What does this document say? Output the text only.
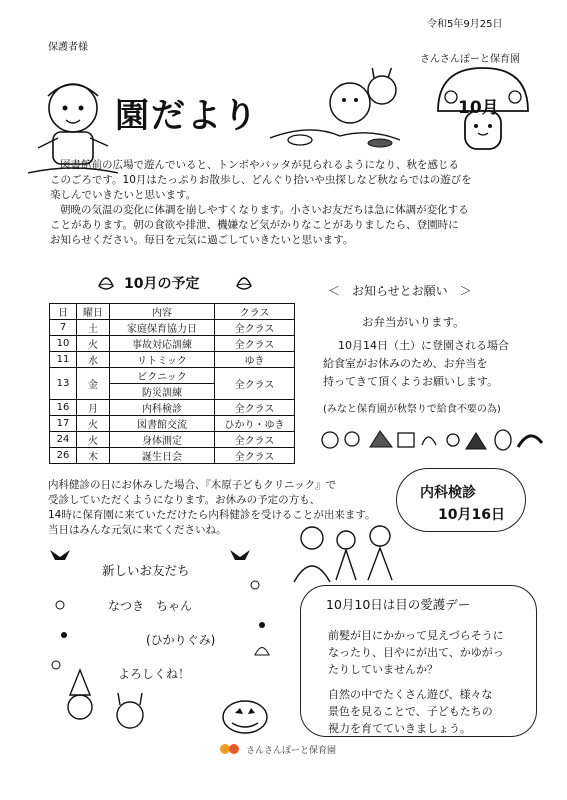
令和5年9月25日
保護者様
さんさんぽーと保育園
園だより	10月
図書館前の広場で遊んでいると、トンボやバッタが見られるようになり、秋を感じる
このごろです。10月はたっぷりお散歩し、どんぐり拾いや虫探しなど秋ならではの遊びを
楽しんでいきたいと思います。
朝晩の気温の変化に体調を崩しやすくなります。小さいお友だちは急に体調が変化する
ことがあります。朝の食欲や排泄、機嫌など気がかりなことがありましたら、登園時に
お知らせください。毎日を元気に過ごしていきたいと思います。
10月の予定
日	曜日	内容	クラス
7	土	家庭保育協力日	全クラス
10	火	事故対応訓練	全クラス
11	水	リトミック	ゆき
13	金	ピクニック	全クラス
		防災訓練	
16	月	内科検診	全クラス
17	火	図書館交流	ひかり・ゆき
24	火	身体測定	全クラス
26	木	誕生日会	全クラス
＜　お知らせとお願い　＞
お弁当がいります。
10月14日（土）に登園される場合
給食室がお休みのため、お弁当を
持ってきて頂くようお願いします。
(みなと保育園が秋祭りで給食不要の為)
内科健診の日にお休みした場合、『木原子どもクリニック』で
受診していただくようになります。お休みの予定の方も、
14時に保育園に来ていただけたら内科健診を受けることが出来ます。
当日はみんな元気に来てくださいね。
内科検診
10月16日
新しいお友だち
なつき　ちゃん
(ひかりぐみ)
よろしくね！
10月10日は目の愛護デー
前髪が目にかかって見えづらそうに
なったり、目やにが出て、かゆがっ
たりしていませんか？
自然の中でたくさん遊び、様々な
景色を見ることで、子どもたちの
視力を育てていきましょう。
さんさんぽーと保育園
